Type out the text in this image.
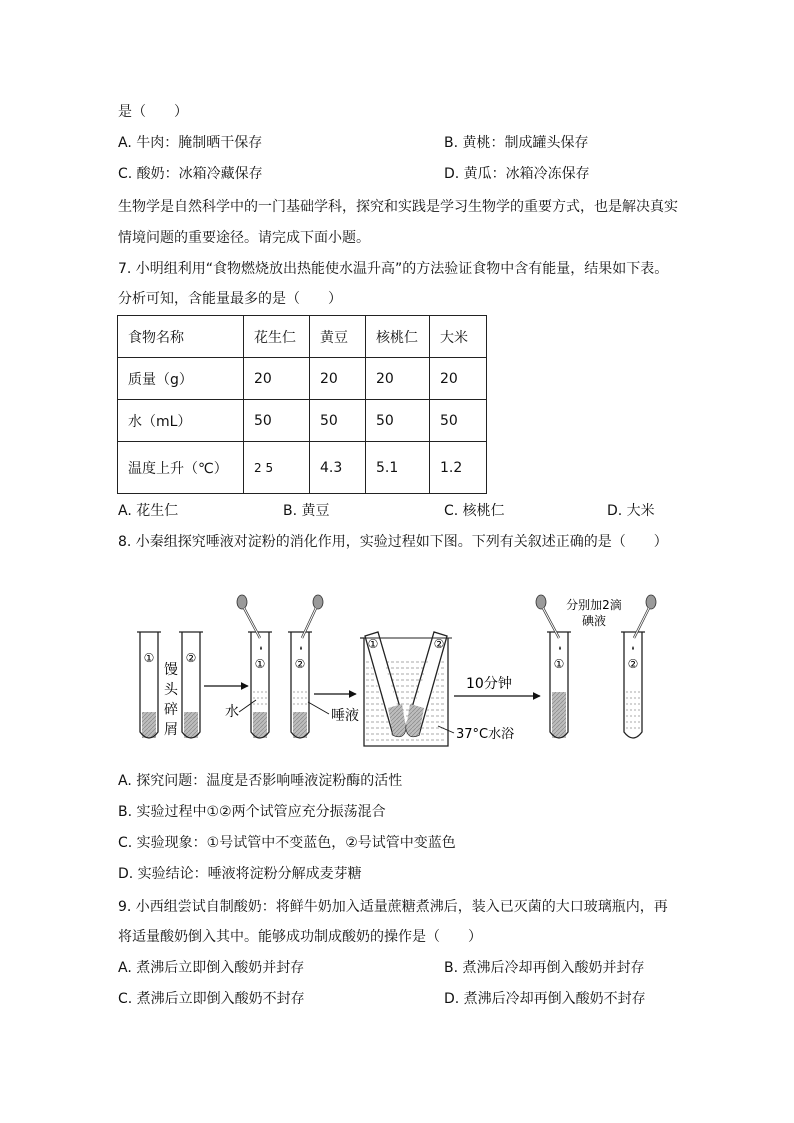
是（　　）
A. 牛肉：腌制晒干保存	B. 黄桃：制成罐头保存
C. 酸奶：冰箱冷藏保存	D. 黄瓜：冰箱冷冻保存
生物学是自然科学中的一门基础学科，探究和实践是学习生物学的重要方式，也是解决真实
情境问题的重要途径。请完成下面小题。
7. 小明组利用“食物燃烧放出热能使水温升高”的方法验证食物中含有能量，结果如下表。
分析可知，含能量最多的是（　　）
食物名称	花生仁	黄豆	核桃仁	大米
质量（g）	20	20	20	20
水（mL）	50	50	50	50
温度上升（℃）	2 5	4.3	5.1	1.2
A. 花生仁	B. 黄豆	C. 核桃仁	D. 大米
8. 小秦组探究唾液对淀粉的消化作用，实验过程如下图。下列有关叙述正确的是（　　）
①	②
馒
头
碎
屑
①
水
②
唾液
①	②
37°C水浴
10分钟
①	②
分别加2滴
碘液
A. 探究问题：温度是否影响唾液淀粉酶的活性
B. 实验过程中①②两个试管应充分振荡混合
C. 实验现象：①号试管中不变蓝色，②号试管中变蓝色
D. 实验结论：唾液将淀粉分解成麦芽糖
9. 小西组尝试自制酸奶：将鲜牛奶加入适量蔗糖煮沸后，装入已灭菌的大口玻璃瓶内，再
将适量酸奶倒入其中。能够成功制成酸奶的操作是（　　）
A. 煮沸后立即倒入酸奶并封存	B. 煮沸后冷却再倒入酸奶并封存
C. 煮沸后立即倒入酸奶不封存	D. 煮沸后冷却再倒入酸奶不封存
